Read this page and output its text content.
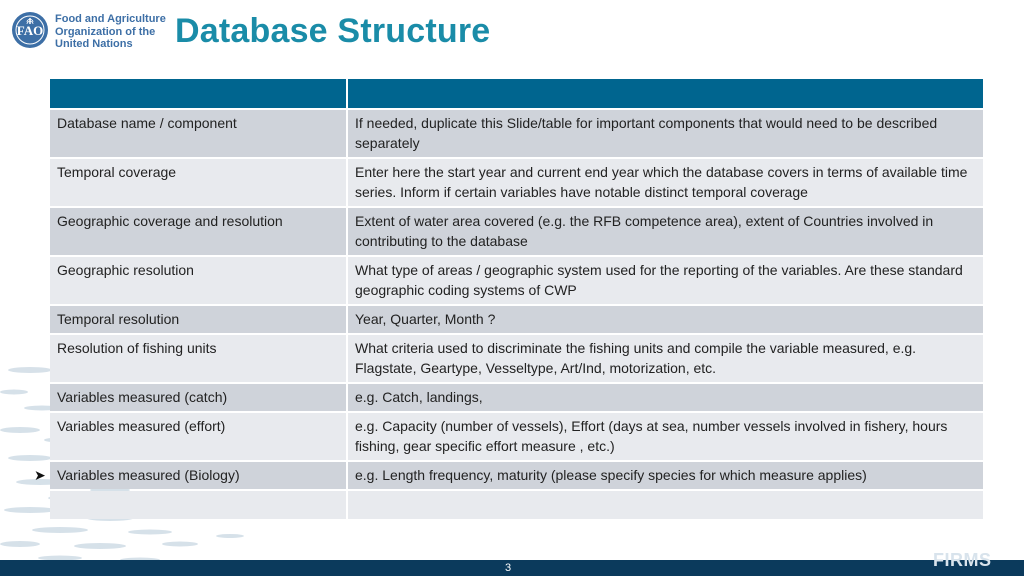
FAO
Food and Agriculture
Organization of the
United Nations	Database Structure

Database name / component	If needed, duplicate this Slide/table for important components that would need to be described separately
Temporal coverage	Enter here the start year and current end year which the database covers in terms of available time series. Inform if certain variables have notable distinct temporal coverage
Geographic coverage and resolution	Extent of water area covered (e.g. the RFB competence area), extent of Countries involved in contributing to the database
Geographic resolution	What type of areas / geographic system used for the reporting of the variables. Are these standard geographic coding systems of CWP
Temporal resolution	Year, Quarter, Month ?
Resolution of fishing units	What criteria used to discriminate the fishing units and compile the variable measured, e.g. Flagstate, Geartype, Vesseltype, Art/Ind, motorization, etc.
Variables measured (catch)	e.g. Catch, landings,
Variables measured (effort)	e.g. Capacity (number of vessels), Effort (days at sea, number vessels involved in fishery, hours fishing, gear specific effort measure , etc.)
Variables measured (Biology)	e.g. Length frequency, maturity (please specify species for which measure applies)

➤
3	FIRMS
